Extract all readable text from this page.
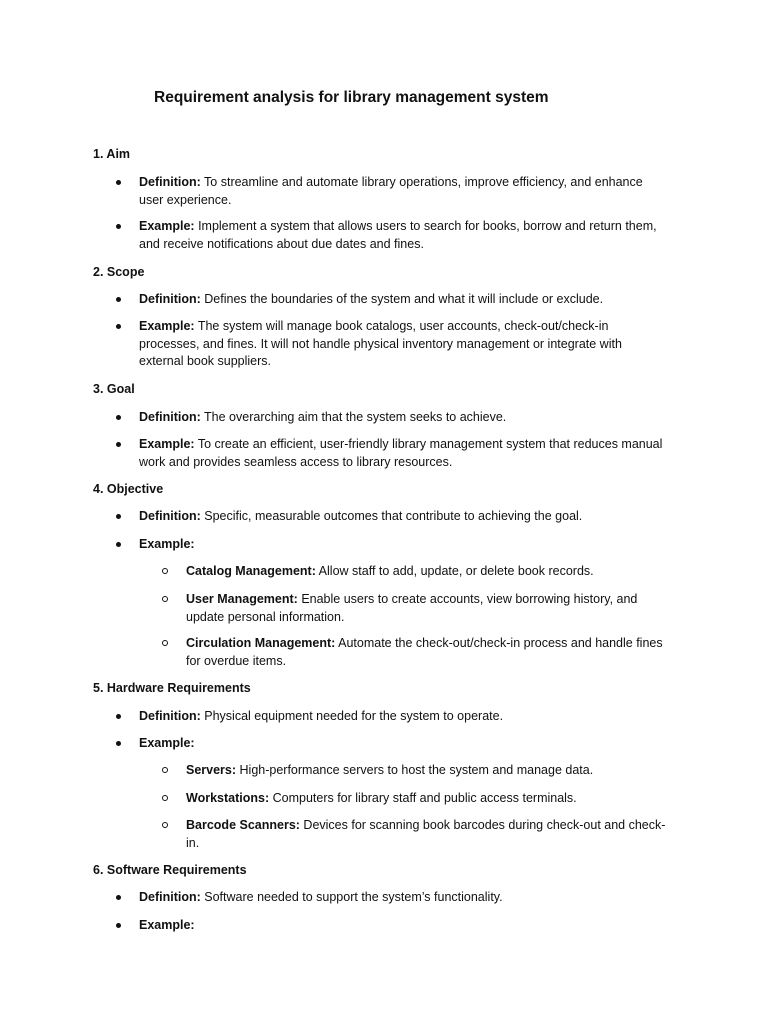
Requirement analysis for library management system
1. Aim
Definition: To streamline and automate library operations, improve efficiency, and enhance user experience.
Example: Implement a system that allows users to search for books, borrow and return them, and receive notifications about due dates and fines.
2. Scope
Definition: Defines the boundaries of the system and what it will include or exclude.
Example: The system will manage book catalogs, user accounts, check-out/check-in processes, and fines. It will not handle physical inventory management or integrate with external book suppliers.
3. Goal
Definition: The overarching aim that the system seeks to achieve.
Example: To create an efficient, user-friendly library management system that reduces manual work and provides seamless access to library resources.
4. Objective
Definition: Specific, measurable outcomes that contribute to achieving the goal.
Example:
Catalog Management: Allow staff to add, update, or delete book records.
User Management: Enable users to create accounts, view borrowing history, and update personal information.
Circulation Management: Automate the check-out/check-in process and handle fines for overdue items.
5. Hardware Requirements
Definition: Physical equipment needed for the system to operate.
Example:
Servers: High-performance servers to host the system and manage data.
Workstations: Computers for library staff and public access terminals.
Barcode Scanners: Devices for scanning book barcodes during check-out and check-in.
6. Software Requirements
Definition: Software needed to support the system’s functionality.
Example:
